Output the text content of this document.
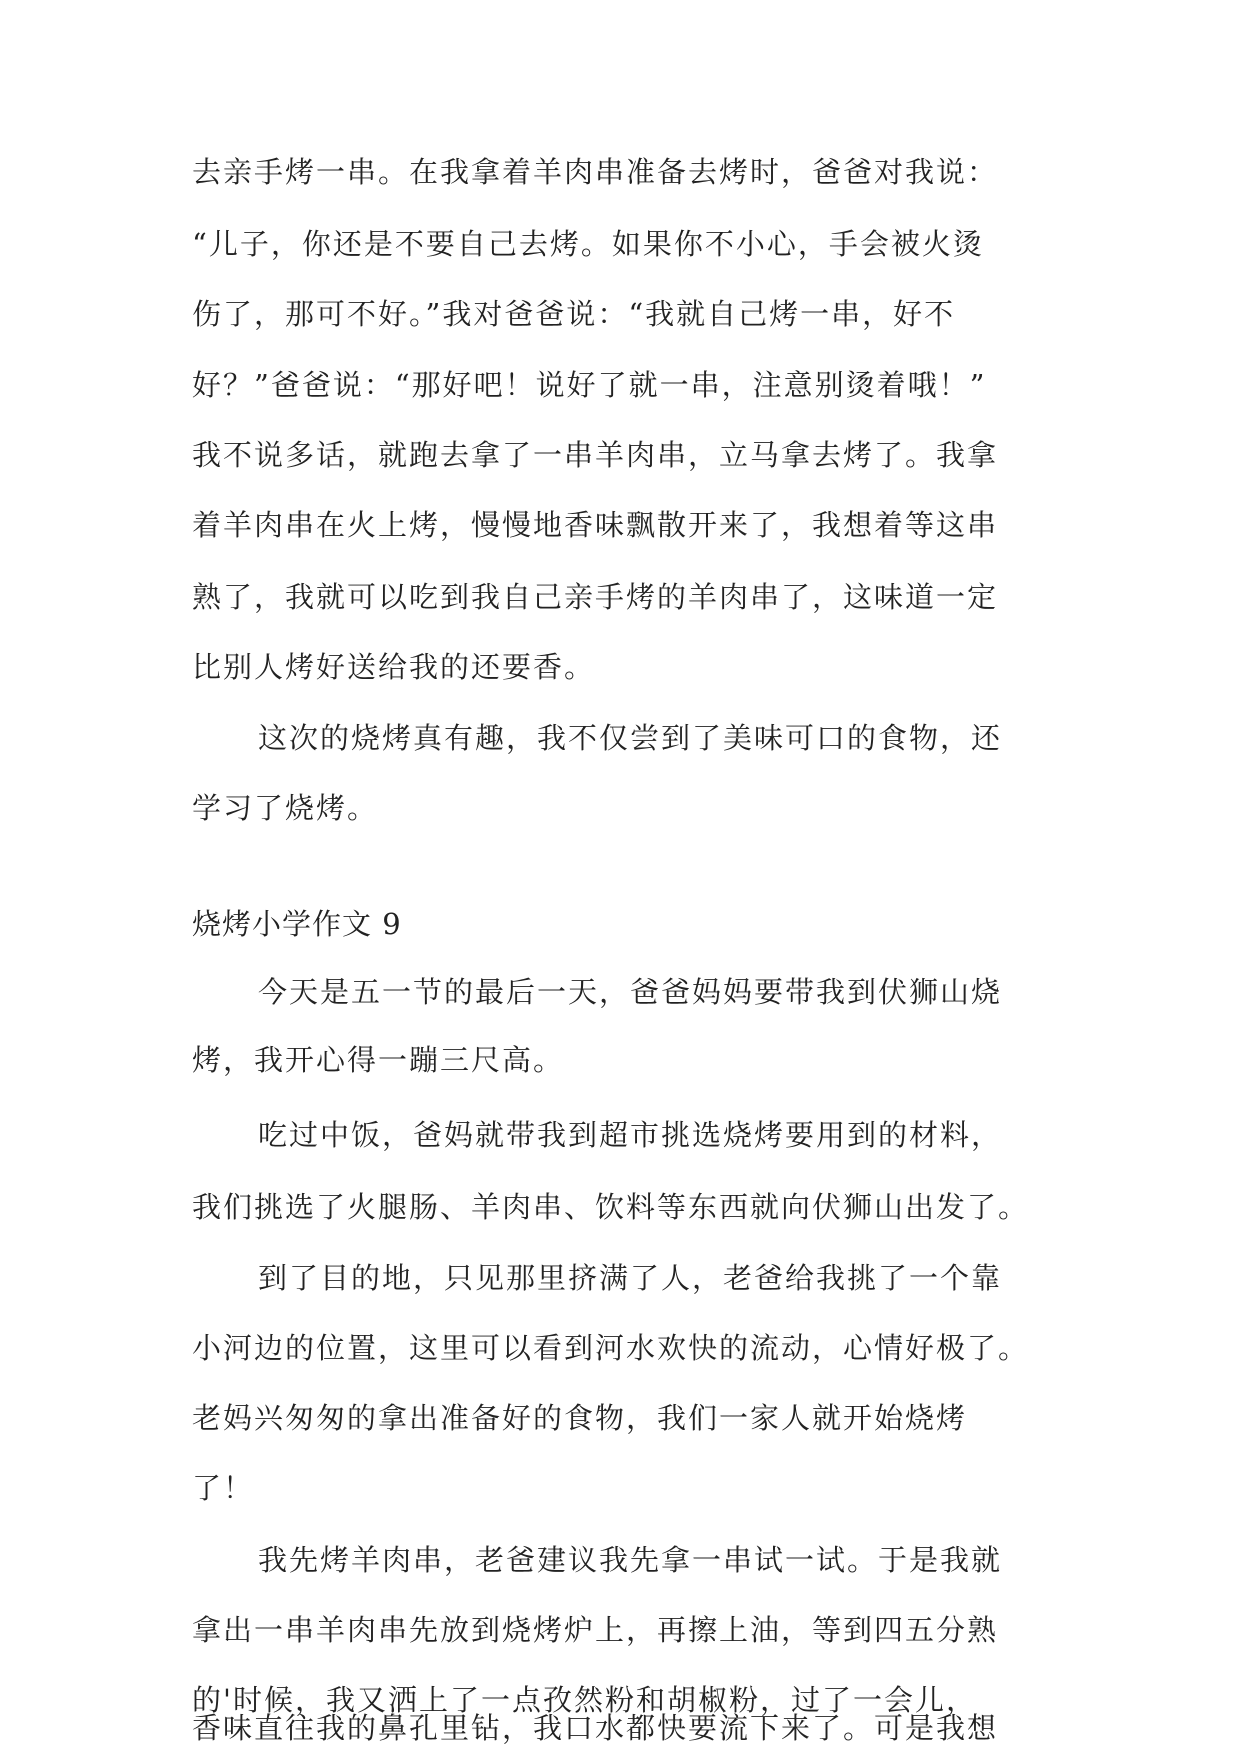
去亲手烤一串。在我拿着羊肉串准备去烤时，爸爸对我说：
“儿子，你还是不要自己去烤。如果你不小心，手会被火烫
伤了，那可不好。”我对爸爸说：“我就自己烤一串，好不
好？”爸爸说：“那好吧！说好了就一串，注意别烫着哦！”
我不说多话，就跑去拿了一串羊肉串，立马拿去烤了。我拿
着羊肉串在火上烤，慢慢地香味飘散开来了，我想着等这串
熟了，我就可以吃到我自己亲手烤的羊肉串了，这味道一定
比别人烤好送给我的还要香。
这次的烧烤真有趣，我不仅尝到了美味可口的食物，还
学习了烧烤。
烧烤小学作文 9
今天是五一节的最后一天，爸爸妈妈要带我到伏狮山烧
烤，我开心得一蹦三尺高。
吃过中饭，爸妈就带我到超市挑选烧烤要用到的材料，
我们挑选了火腿肠、羊肉串、饮料等东西就向伏狮山出发了。
到了目的地，只见那里挤满了人，老爸给我挑了一个靠
小河边的位置，这里可以看到河水欢快的流动，心情好极了。
老妈兴匆匆的拿出准备好的食物，我们一家人就开始烧烤
了！
我先烤羊肉串，老爸建议我先拿一串试一试。于是我就
拿出一串羊肉串先放到烧烤炉上，再擦上油，等到四五分熟
的'时候，我又洒上了一点孜然粉和胡椒粉，过了一会儿，
香味直往我的鼻孔里钻，我口水都快要流下来了。可是我想
